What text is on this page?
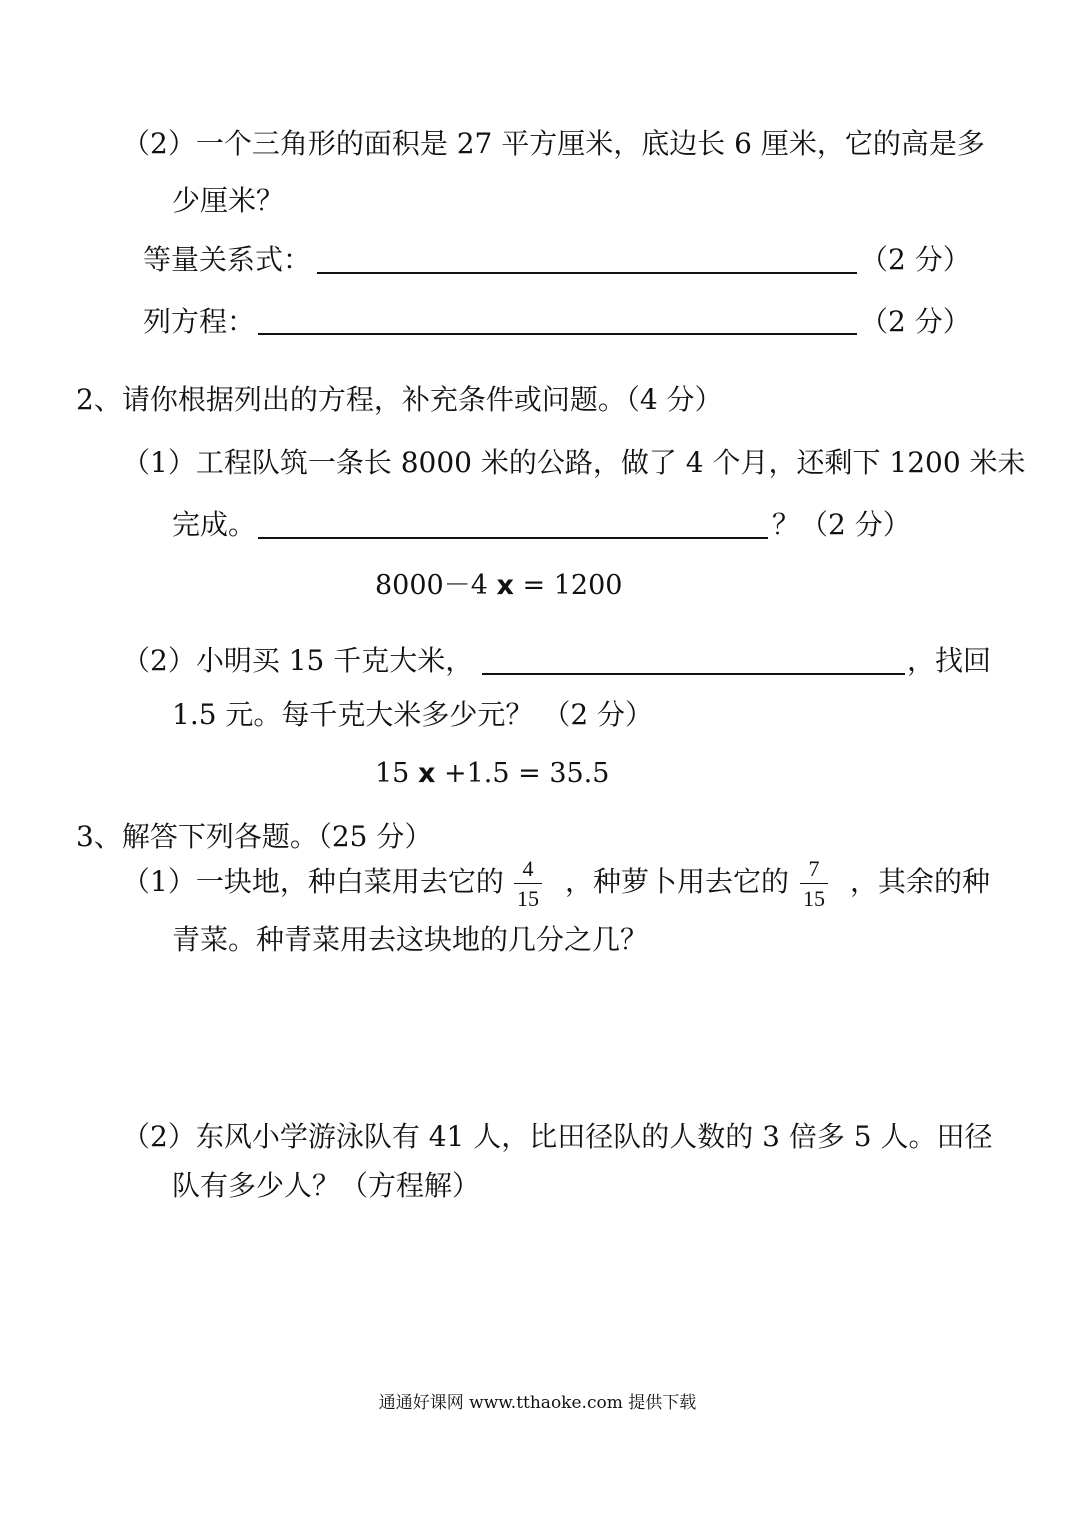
（2）一个三角形的面积是 27 平方厘米，底边长 6 厘米，它的高是多
少厘米？
等量关系式：	（2 分）
列方程：	（2 分）
2、请你根据列出的方程，补充条件或问题。（4 分）
（1）工程队筑一条长 8000 米的公路，做了 4 个月，还剩下 1200 米未
完成。	？（2 分）
8000－4 x = 1200
（2）小明买 15 千克大米，	，找回
1.5 元。每千克大米多少元？ （2 分）
15 x +1.5 = 35.5
3、解答下列各题。（25 分）
（1）一块地，种白菜用去它的 4
15
，种萝卜用去它的 7
15
，其余的种
青菜。种青菜用去这块地的几分之几？
（2）东风小学游泳队有 41 人，比田径队的人数的 3 倍多 5 人。田径
队有多少人？（方程解）
通通好课网 www.tthaoke.com 提供下载
